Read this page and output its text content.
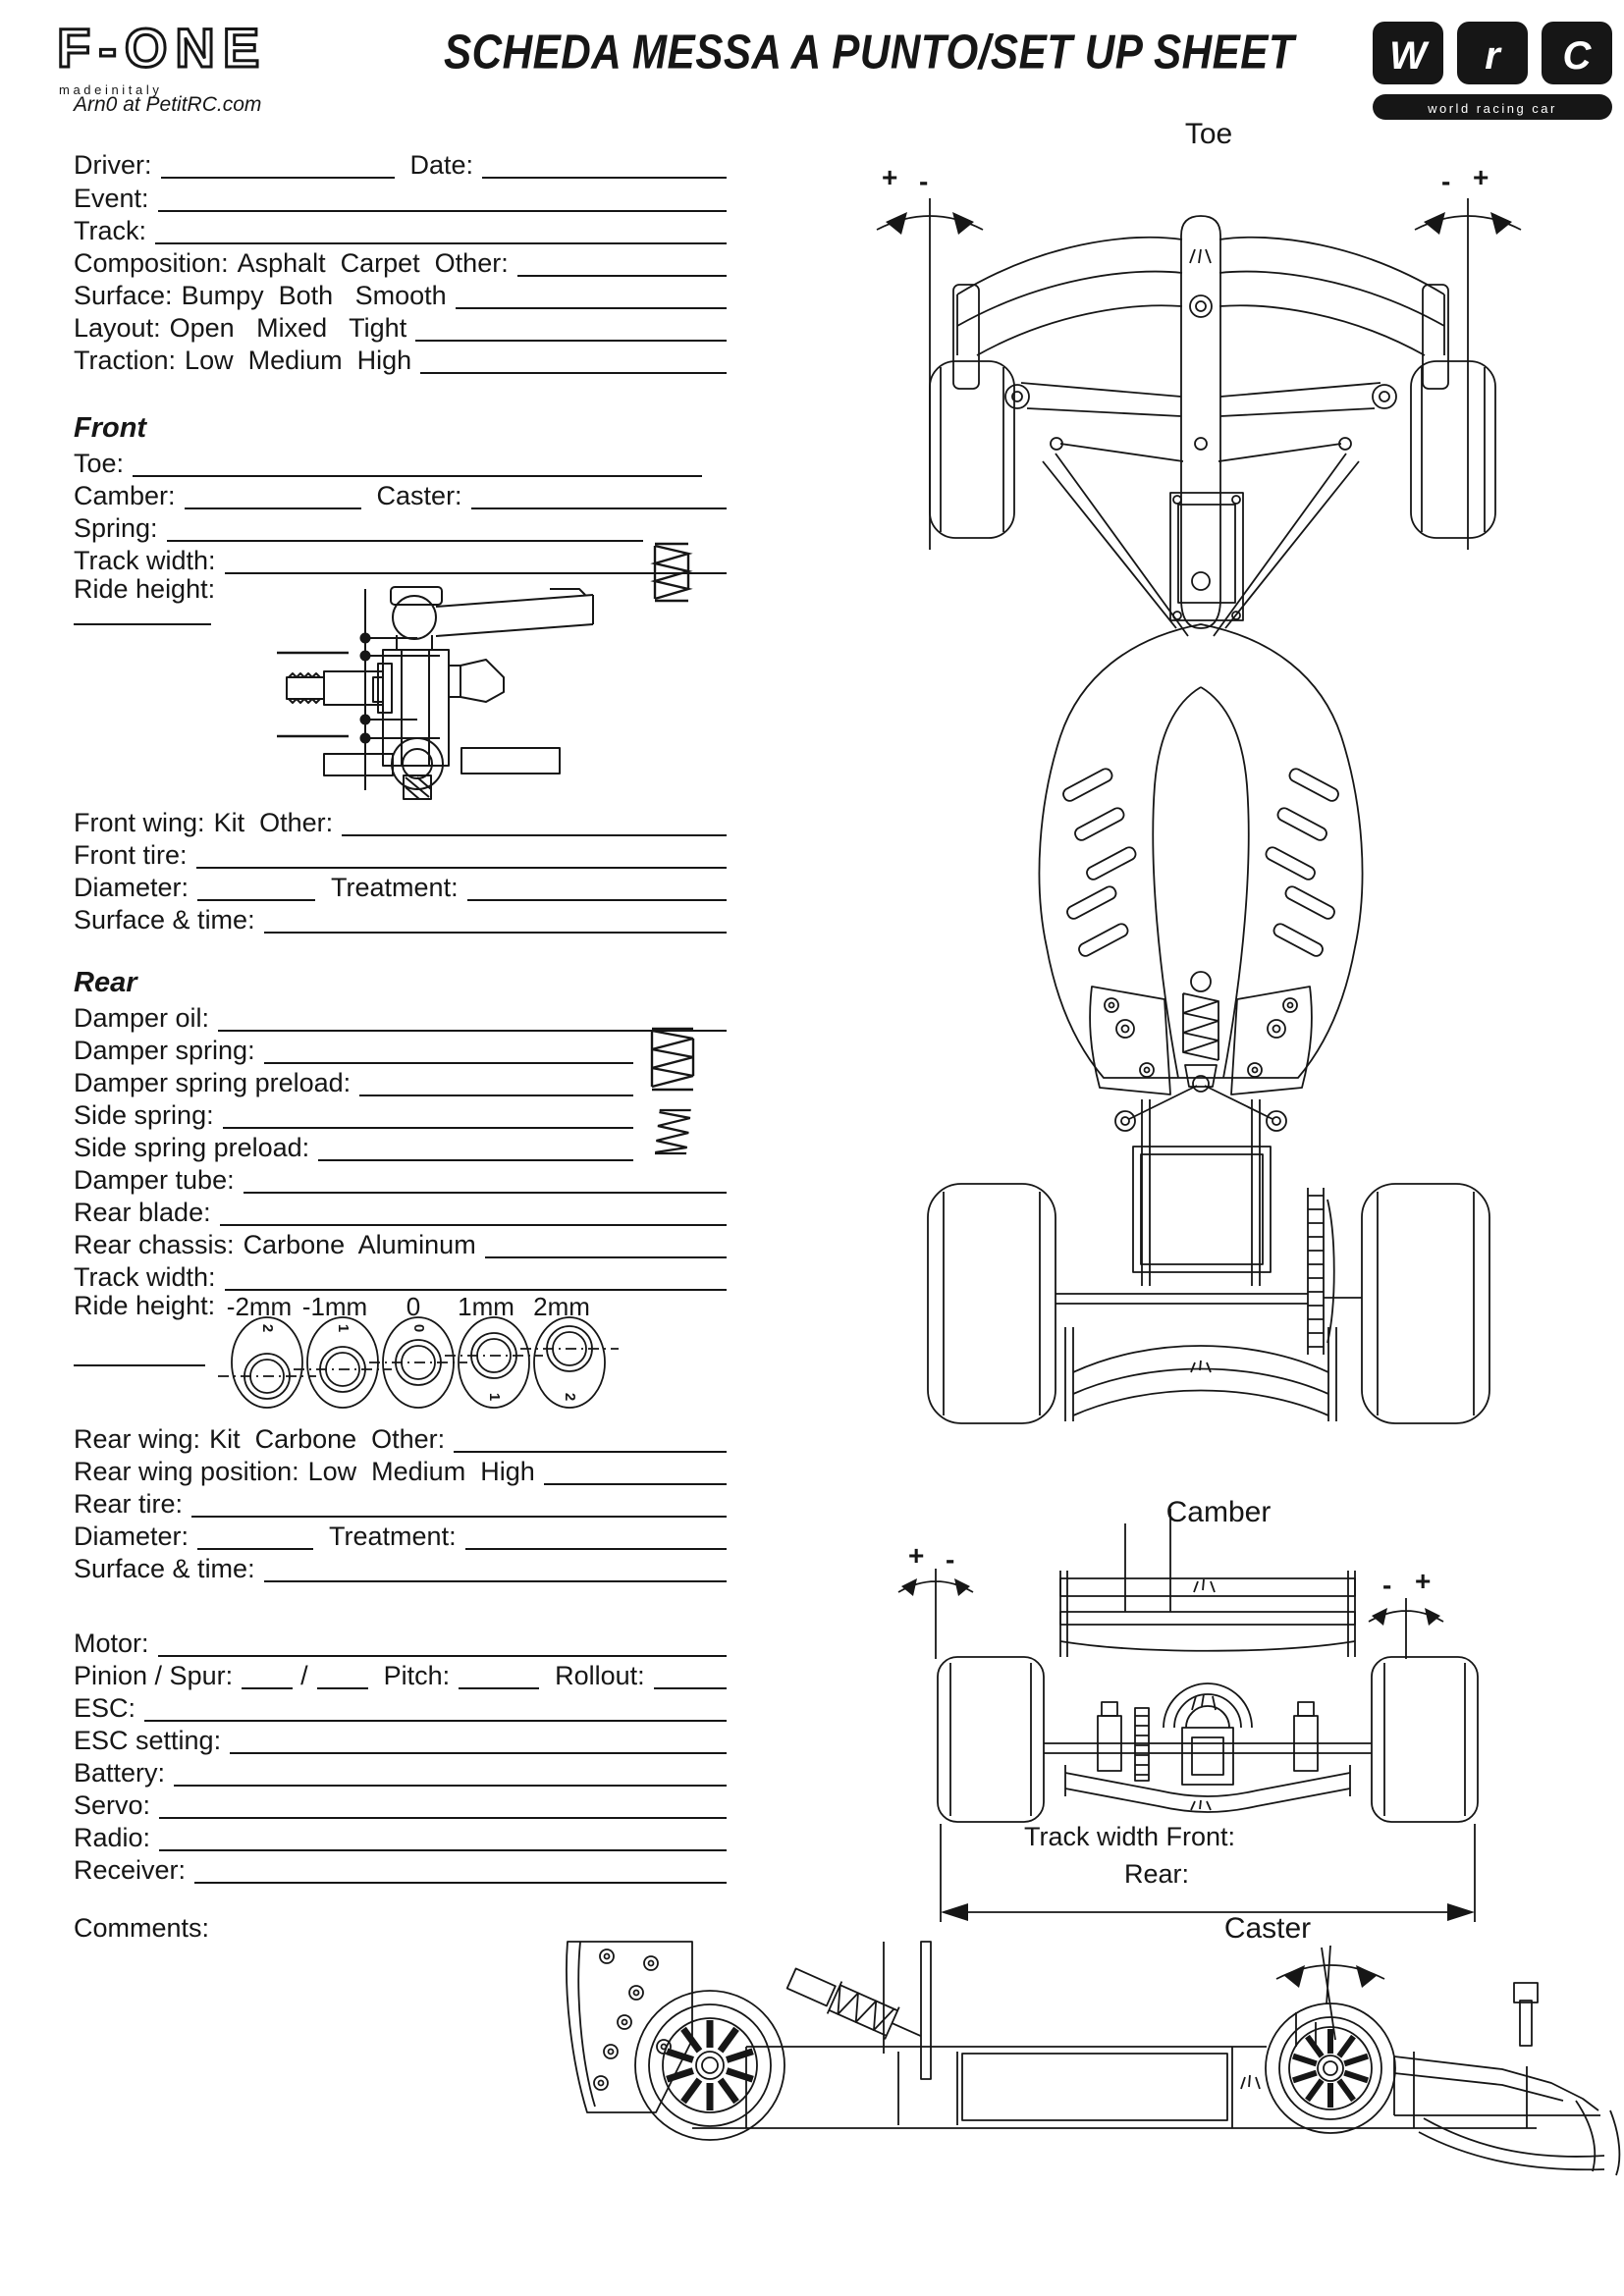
F-ONE
m a d e i n i t a l y
Arn0 at PetitRC.com
SCHEDA MESSA A PUNTO/SET UP SHEET W r C
world racing car
Driver:	Date:
Event:
Track:
Composition: Asphalt  Carpet  Other:
Surface: Bumpy  Both   Smooth
Layout: Open   Mixed   Tight
Traction: Low  Medium  High
Front
Toe:
Camber:	Caster:
Spring:
Track width:
Ride height:
Front wing: Kit  Other:
Front tire:
Diameter:	Treatment:
Surface & time:
Rear
Damper oil:
Damper spring:
Damper spring preload:
Side spring:
Side spring preload:
Damper tube:
Rear blade:
Rear chassis: Carbone  Aluminum
Track width:
Ride height: -2mm -1mm 0 1mm 2mm
2	1	0
1	2
Rear wing: Kit  Carbone  Other:
Rear wing position: Low  Medium  High
Rear tire:
Diameter:	Treatment:
Surface & time:
Motor:
Pinion / Spur:	/	Pitch:	Rollout:
ESC:
ESC setting:
Battery:
Servo:
Radio:
Receiver:
Comments:
Toe
+ -	- +
Camber
+ -
- +
Track width Front:
Rear:
Caster
